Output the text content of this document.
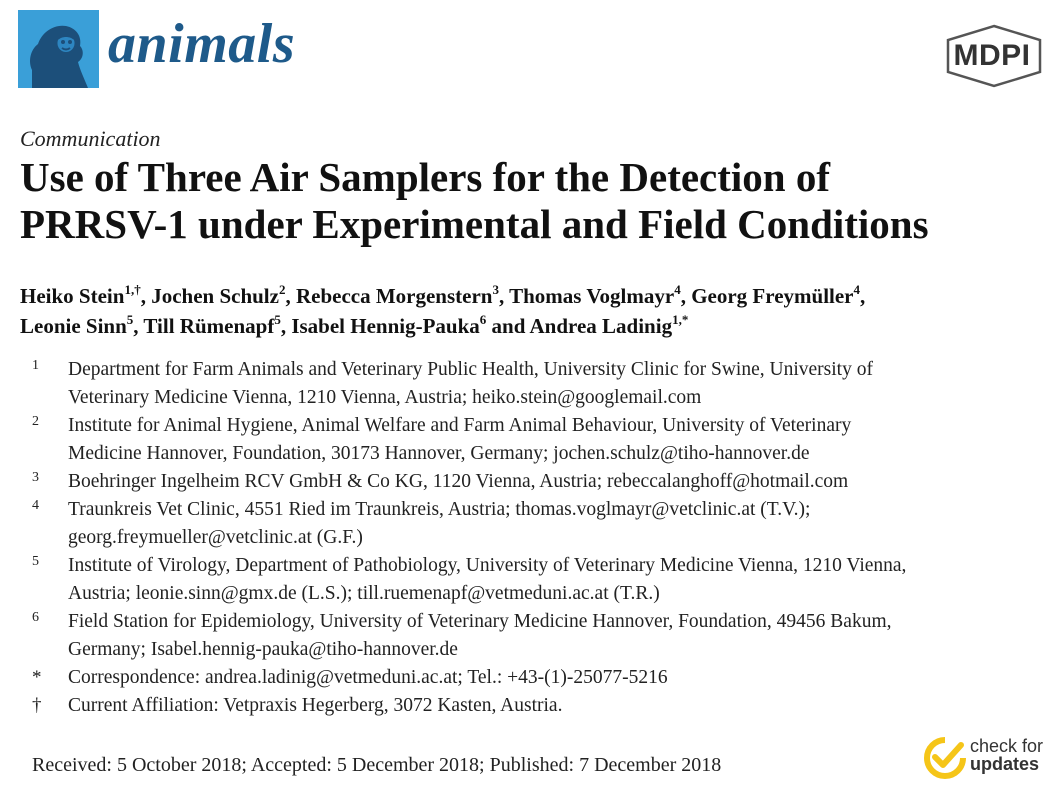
animals	MDPI
Communication
Use of Three Air Samplers for the Detection of
PRRSV-1 under Experimental and Field Conditions
Heiko Stein$^{1,\dagger}$, Jochen Schulz$^2$, Rebecca Morgenstern$^3$, Thomas Voglmayr$^4$, Georg Freymüller$^4$,
Leonie Sinn$^5$, Till Rümenapf$^5$, Isabel Hennig-Pauka$^6$ and Andrea Ladinig$^{1,*}$
1	Department for Farm Animals and Veterinary Public Health, University Clinic for Swine, University of
Veterinary Medicine Vienna, 1210 Vienna, Austria; heiko.stein@googlemail.com
2	Institute for Animal Hygiene, Animal Welfare and Farm Animal Behaviour, University of Veterinary
Medicine Hannover, Foundation, 30173 Hannover, Germany; jochen.schulz@tiho-hannover.de
3	Boehringer Ingelheim RCV GmbH & Co KG, 1120 Vienna, Austria; rebeccalanghoff@hotmail.com
4	Traunkreis Vet Clinic, 4551 Ried im Traunkreis, Austria; thomas.voglmayr@vetclinic.at (T.V.);
georg.freymueller@vetclinic.at (G.F.)
5	Institute of Virology, Department of Pathobiology, University of Veterinary Medicine Vienna, 1210 Vienna,
Austria; leonie.sinn@gmx.de (L.S.); till.ruemenapf@vetmeduni.ac.at (T.R.)
6	Field Station for Epidemiology, University of Veterinary Medicine Hannover, Foundation, 49456 Bakum,
Germany; Isabel.hennig-pauka@tiho-hannover.de
*	Correspondence: andrea.ladinig@vetmeduni.ac.at; Tel.: +43-(1)-25077-5216
†	Current Affiliation: Vetpraxis Hegerberg, 3072 Kasten, Austria.
Received: 5 October 2018; Accepted: 5 December 2018; Published: 7 December 2018
check for
updates
